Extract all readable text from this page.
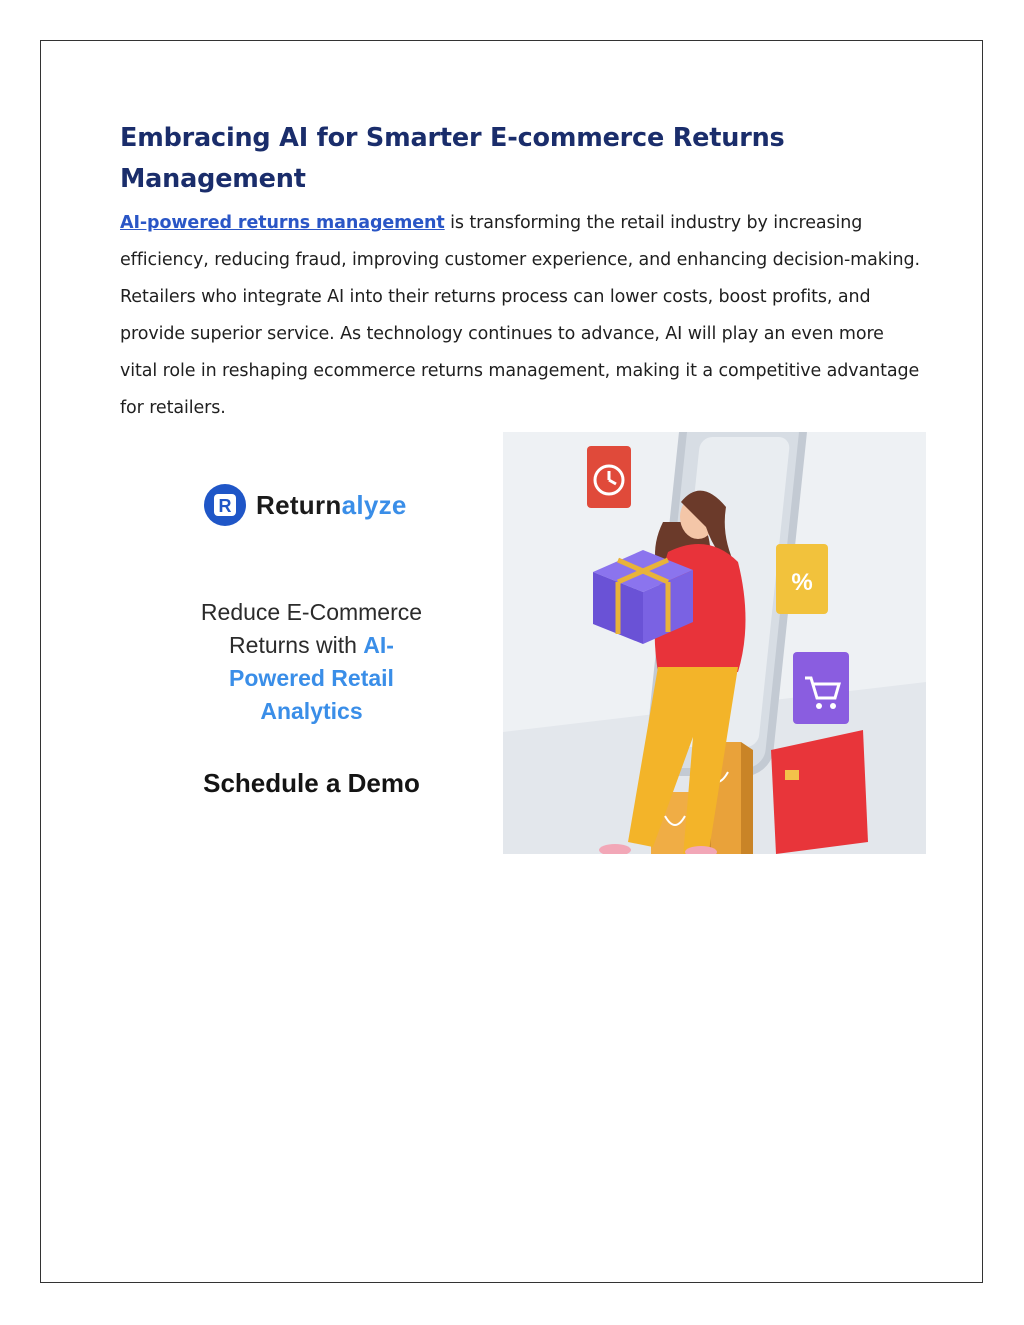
Embracing AI for Smarter E-commerce Returns Management

AI-powered returns management is transforming the retail industry by increasing efficiency, reducing fraud, improving customer experience, and enhancing decision-making. Retailers who integrate AI into their returns process can lower costs, boost profits, and provide superior service. As technology continues to advance, AI will play an even more vital role in reshaping ecommerce returns management, making it a competitive advantage for retailers.

R Returnalyze
Reduce E-Commerce
Returns with AI-
Powered Retail
Analytics
Schedule a Demo
%
